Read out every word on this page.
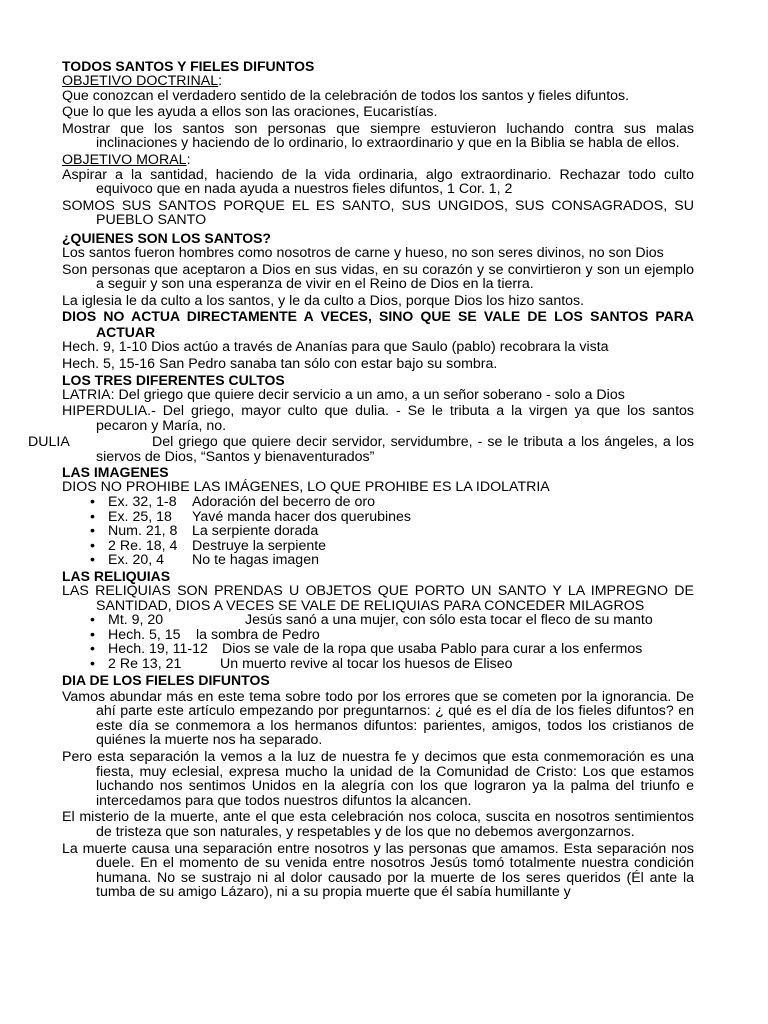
TODOS SANTOS Y FIELES DIFUNTOS

OBJETIVO DOCTRINAL:

Que conozcan el verdadero sentido de la celebración de todos los santos y fieles difuntos.

Que lo que les ayuda a ellos son las oraciones, Eucaristías.

Mostrar que los santos son personas que siempre estuvieron luchando contra sus malas inclinaciones y haciendo de lo ordinario, lo extraordinario y que en la Biblia se habla de ellos.

OBJETIVO MORAL:

Aspirar a la santidad, haciendo de la vida ordinaria, algo extraordinario. Rechazar todo culto equivoco que en nada ayuda a nuestros fieles difuntos, 1 Cor. 1, 2

SOMOS SUS SANTOS PORQUE EL ES SANTO, SUS UNGIDOS, SUS CONSAGRADOS, SU PUEBLO SANTO

¿QUIENES SON LOS SANTOS?

Los santos fueron hombres como nosotros de carne y hueso, no son seres divinos, no son Dios

Son personas que aceptaron a Dios en sus vidas, en su corazón y se convirtieron y son un ejemplo a seguir y son una esperanza de vivir en el Reino de Dios en la tierra.

La iglesia le da culto a los santos, y le da culto a Dios, porque Dios los hizo santos.

DIOS NO ACTUA DIRECTAMENTE A VECES, SINO QUE SE VALE DE LOS SANTOS PARA ACTUAR

Hech. 9, 1-10 Dios actúo a través de Ananías para que Saulo (pablo) recobrara la vista

Hech. 5, 15-16 San Pedro sanaba tan sólo con estar bajo su sombra.

LOS TRES DIFERENTES CULTOS

LATRIA: Del griego que quiere decir servicio a un amo, a un señor soberano - solo a Dios

HIPERDULIA.- Del griego, mayor culto que dulia. - Se le tributa a la virgen ya que los santos pecaron y María, no.

DULIA	Del griego que quiere decir servidor, servidumbre, - se le tributa a los ángeles, a los siervos de Dios, “Santos y bienaventurados”

LAS IMAGENES

DIOS NO PROHIBE LAS IMÁGENES, LO QUE PROHIBE ES LA IDOLATRIA

• Ex. 32, 1-8 Adoración del becerro de oro
• Ex. 25, 18 Yavé manda hacer dos querubines
• Num. 21, 8 La serpiente dorada
• 2 Re. 18, 4 Destruye la serpiente
• Ex. 20, 4 No te hagas imagen

LAS RELIQUIAS

LAS RELIQUIAS SON PRENDAS U OBJETOS QUE PORTO UN SANTO Y LA IMPREGNO DE SANTIDAD, DIOS A VECES SE VALE DE RELIQUIAS PARA CONCEDER MILAGROS

• Mt. 9, 20	Jesús sanó a una mujer, con sólo esta tocar el fleco de su manto
• Hech. 5, 15 la sombra de Pedro
• Hech. 19, 11-12 Dios se vale de la ropa que usaba Pablo para curar a los enfermos
• 2 Re 13, 21	Un muerto revive al tocar los huesos de Eliseo

DIA DE LOS FIELES DIFUNTOS

Vamos abundar más en este tema sobre todo por los errores que se cometen por la ignorancia. De ahí parte este artículo empezando por preguntarnos: ¿ qué es el día de los fieles difuntos? en este día se conmemora a los hermanos difuntos: parientes, amigos, todos los cristianos de quiénes la muerte nos ha separado.

Pero esta separación la vemos a la luz de nuestra fe y decimos que esta conmemoración es una fiesta, muy eclesial, expresa mucho la unidad de la Comunidad de Cristo: Los que estamos luchando nos sentimos Unidos en la alegría con los que lograron ya la palma del triunfo e intercedamos para que todos nuestros difuntos la alcancen.

El misterio de la muerte, ante el que esta celebración nos coloca, suscita en nosotros sentimientos de tristeza que son naturales, y respetables y de los que no debemos avergonzarnos.

La muerte causa una separación entre nosotros y las personas que amamos. Esta separación nos duele. En el momento de su venida entre nosotros Jesús tomó totalmente nuestra condición humana. No se sustrajo ni al dolor causado por la muerte de los seres queridos (Él ante la tumba de su amigo Lázaro), ni a su propia muerte que él sabía humillante y
